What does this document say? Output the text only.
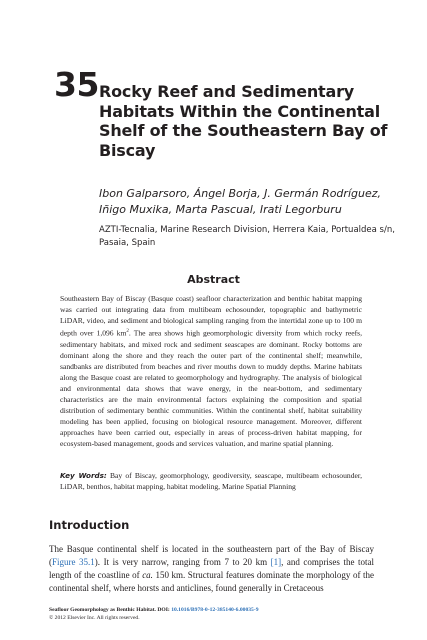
35 Rocky Reef and Sedimentary Habitats Within the Continental Shelf of the Southeastern Bay of Biscay
Ibon Galparsoro, Ángel Borja, J. Germán Rodríguez,
Iñigo Muxika, Marta Pascual, Irati Legorburu
AZTI-Tecnalia, Marine Research Division, Herrera Kaia, Portualdea s/n,
Pasaia, Spain
Abstract
Southeastern Bay of Biscay (Basque coast) seafloor characterization and benthic habitat mapping was carried out integrating data from multibeam echosounder, topographic and bathymetric LiDAR, video, and sediment and biological sampling ranging from the intertidal zone up to 100 m depth over 1,096 $km^2$. The area shows high geomorphologic diversity from which rocky reefs, sedimentary habitats, and mixed rock and sediment seascapes are dominant. Rocky bottoms are dominant along the shore and they reach the outer part of the continental shelf; meanwhile, sandbanks are distributed from beaches and river mouths down to muddy depths. Marine habitats along the Basque coast are related to geomorphology and hydrography. The analysis of biological and environmental data shows that wave energy, in the near-bottom, and sedimentary characteristics are the main environmental factors explaining the composition and spatial distribution of sedimentary benthic communities. Within the continental shelf, habitat suitability modeling has been applied, focusing on biological resource management. Moreover, different approaches have been carried out, especially in areas of process-driven habitat mapping, for ecosystem-based management, goods and services valuation, and marine spatial planning.
Key Words: Bay of Biscay, geomorphology, geodiversity, seascape, multibeam echosounder, LiDAR, benthos, habitat mapping, habitat modeling, Marine Spatial Planning
Introduction
The Basque continental shelf is located in the southeastern part of the Bay of Biscay (Figure 35.1). It is very narrow, ranging from 7 to 20 km [1], and comprises the total length of the coastline of ca. 150 km. Structural features dominate the morphology of the continental shelf, where horsts and anticlines, found generally in Cretaceous
Seafloor Geomorphology as Benthic Habitat. DOI: 10.1016/B978-0-12-385140-6.00035-9
© 2012 Elsevier Inc. All rights reserved.
